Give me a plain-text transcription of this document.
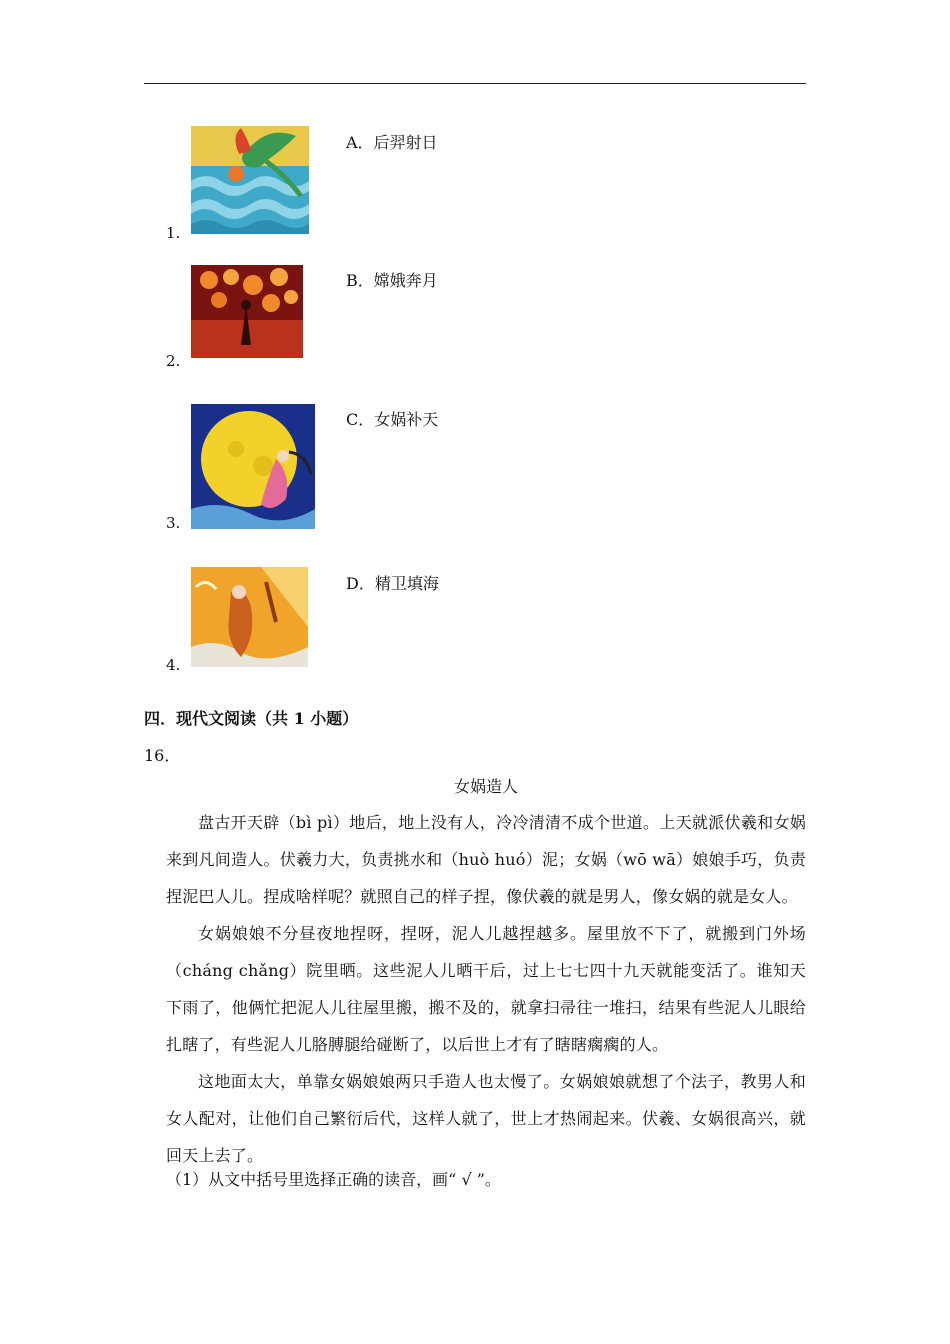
1.
A．后羿射日
2.
B．嫦娥奔月
3.
C．女娲补天
4.
D．精卫填海
四．现代文阅读（共 1 小题）
16．
女娲造人

盘古开天辟（bì pì）地后，地上没有人，冷冷清清不成个世道。上天就派伏羲和女娲来到凡间造人。伏羲力大，负责挑水和（huò huó）泥；女娲（wō wā）娘娘手巧，负责捏泥巴人儿。捏成啥样呢？就照自己的样子捏，像伏羲的就是男人，像女娲的就是女人。

女娲娘娘不分昼夜地捏呀，捏呀，泥人儿越捏越多。屋里放不下了，就搬到门外场（cháng chǎng）院里晒。这些泥人儿晒干后，过上七七四十九天就能变活了。谁知天下雨了，他俩忙把泥人儿往屋里搬，搬不及的，就拿扫帚往一堆扫，结果有些泥人儿眼给扎瞎了，有些泥人儿胳膊腿给碰断了，以后世上才有了瞎瞎瘸瘸的人。

这地面太大，单靠女娲娘娘两只手造人也太慢了。女娲娘娘就想了个法子，教男人和女人配对，让他们自己繁衍后代，这样人就了，世上才热闹起来。伏羲、女娲很高兴，就回天上去了。

（1）从文中括号里选择正确的读音，画“ √ ”。
